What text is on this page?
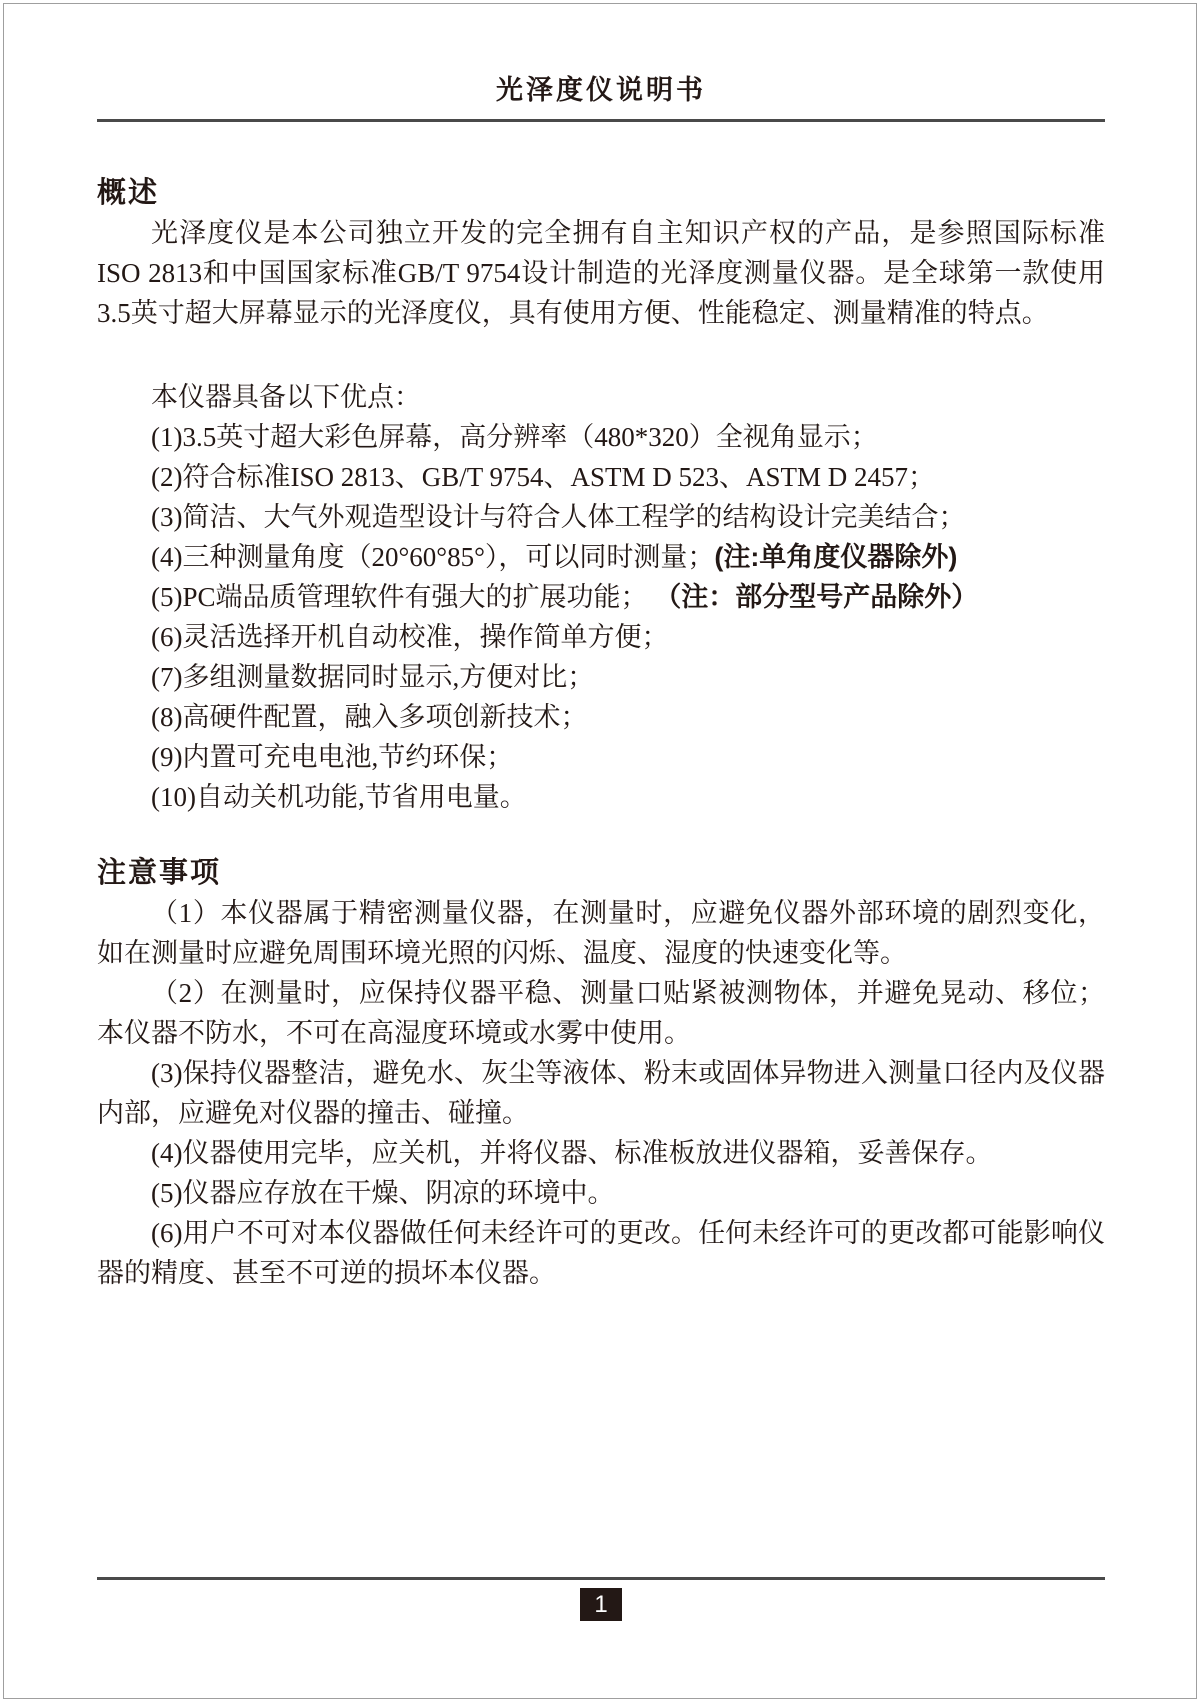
光泽度仪说明书
概述

光泽度仪是本公司独立开发的完全拥有自主知识产权的产品，是参照国际标准ISO 2813和中国国家标准GB/T 9754设计制造的光泽度测量仪器。是全球第一款使用3.5英寸超大屏幕显示的光泽度仪，具有使用方便、性能稳定、测量精准的特点。

本仪器具备以下优点：

(1)3.5英寸超大彩色屏幕，高分辨率（480*320）全视角显示；
(2)符合标准ISO 2813、GB/T 9754、ASTM D 523、ASTM D 2457；
(3)简洁、大气外观造型设计与符合人体工程学的结构设计完美结合；
(4)三种测量角度（20°60°85°），可以同时测量；(注:单角度仪器除外)
(5)PC端品质管理软件有强大的扩展功能； （注：部分型号产品除外）
(6)灵活选择开机自动校准，操作简单方便；
(7)多组测量数据同时显示,方便对比；
(8)高硬件配置，融入多项创新技术；
(9)内置可充电电池,节约环保；
(10)自动关机功能,节省用电量。
注意事项

（1）本仪器属于精密测量仪器，在测量时，应避免仪器外部环境的剧烈变化，如在测量时应避免周围环境光照的闪烁、温度、湿度的快速变化等。

（2）在测量时，应保持仪器平稳、测量口贴紧被测物体，并避免晃动、移位；本仪器不防水，不可在高湿度环境或水雾中使用。

(3)保持仪器整洁，避免水、灰尘等液体、粉末或固体异物进入测量口径内及仪器内部，应避免对仪器的撞击、碰撞。

(4)仪器使用完毕，应关机，并将仪器、标准板放进仪器箱，妥善保存。

(5)仪器应存放在干燥、阴凉的环境中。

(6)用户不可对本仪器做任何未经许可的更改。任何未经许可的更改都可能影响仪器的精度、甚至不可逆的损坏本仪器。

1
